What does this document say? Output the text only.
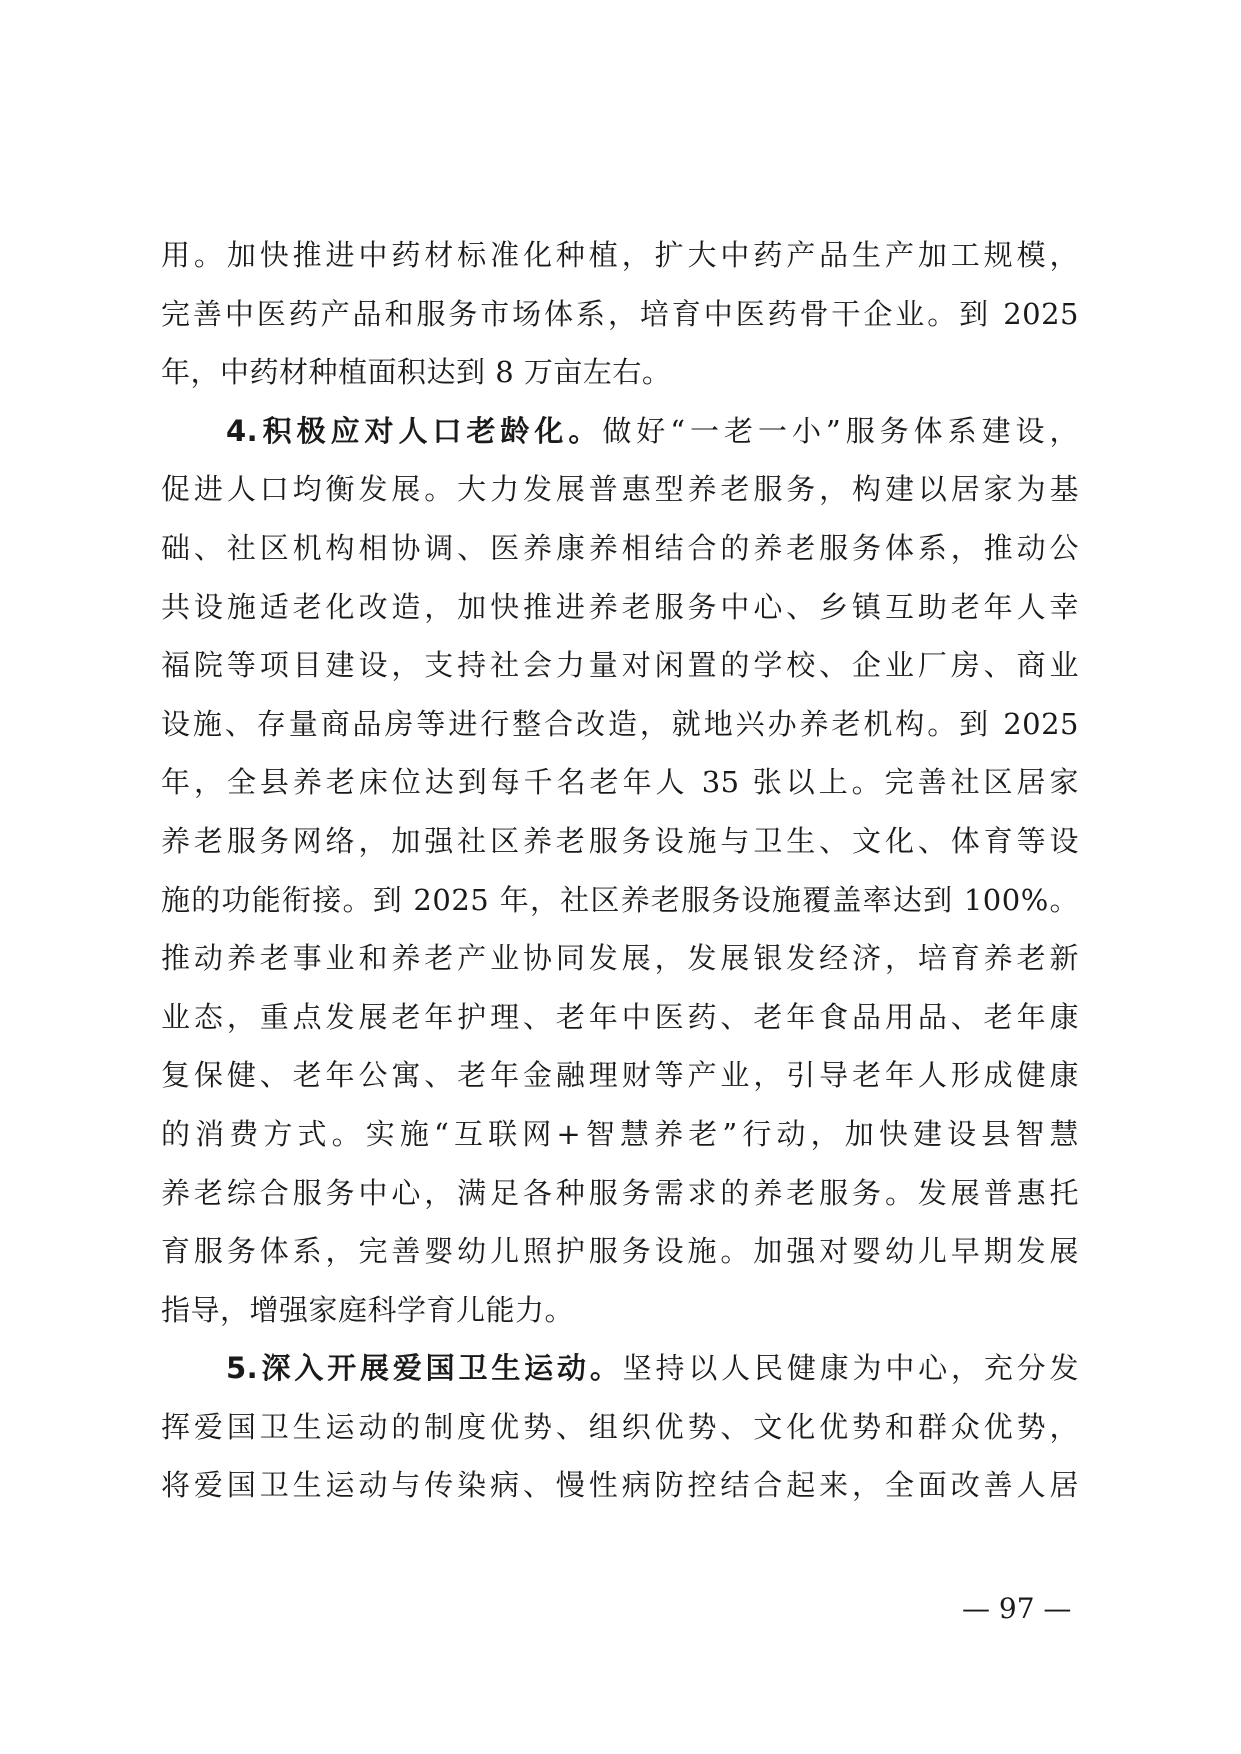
用。加快推进中药材标准化种植，扩大中药产品生产加工规模，
完善中医药产品和服务市场体系，培育中医药骨干企业。到 2025
年，中药材种植面积达到 8 万亩左右。
4.积极应对人口老龄化。做好“一老一小”服务体系建设，
促进人口均衡发展。大力发展普惠型养老服务，构建以居家为基
础、社区机构相协调、医养康养相结合的养老服务体系，推动公
共设施适老化改造，加快推进养老服务中心、乡镇互助老年人幸
福院等项目建设，支持社会力量对闲置的学校、企业厂房、商业
设施、存量商品房等进行整合改造，就地兴办养老机构。到 2025
年，全县养老床位达到每千名老年人 35 张以上。完善社区居家
养老服务网络，加强社区养老服务设施与卫生、文化、体育等设
施的功能衔接。到 2025 年，社区养老服务设施覆盖率达到 100%。
推动养老事业和养老产业协同发展，发展银发经济，培育养老新
业态，重点发展老年护理、老年中医药、老年食品用品、老年康
复保健、老年公寓、老年金融理财等产业，引导老年人形成健康
的消费方式。实施“互联网+智慧养老”行动，加快建设县智慧
养老综合服务中心，满足各种服务需求的养老服务。发展普惠托
育服务体系，完善婴幼儿照护服务设施。加强对婴幼儿早期发展
指导，增强家庭科学育儿能力。
5.深入开展爱国卫生运动。坚持以人民健康为中心，充分发
挥爱国卫生运动的制度优势、组织优势、文化优势和群众优势，
将爱国卫生运动与传染病、慢性病防控结合起来，全面改善人居
— 97 —
